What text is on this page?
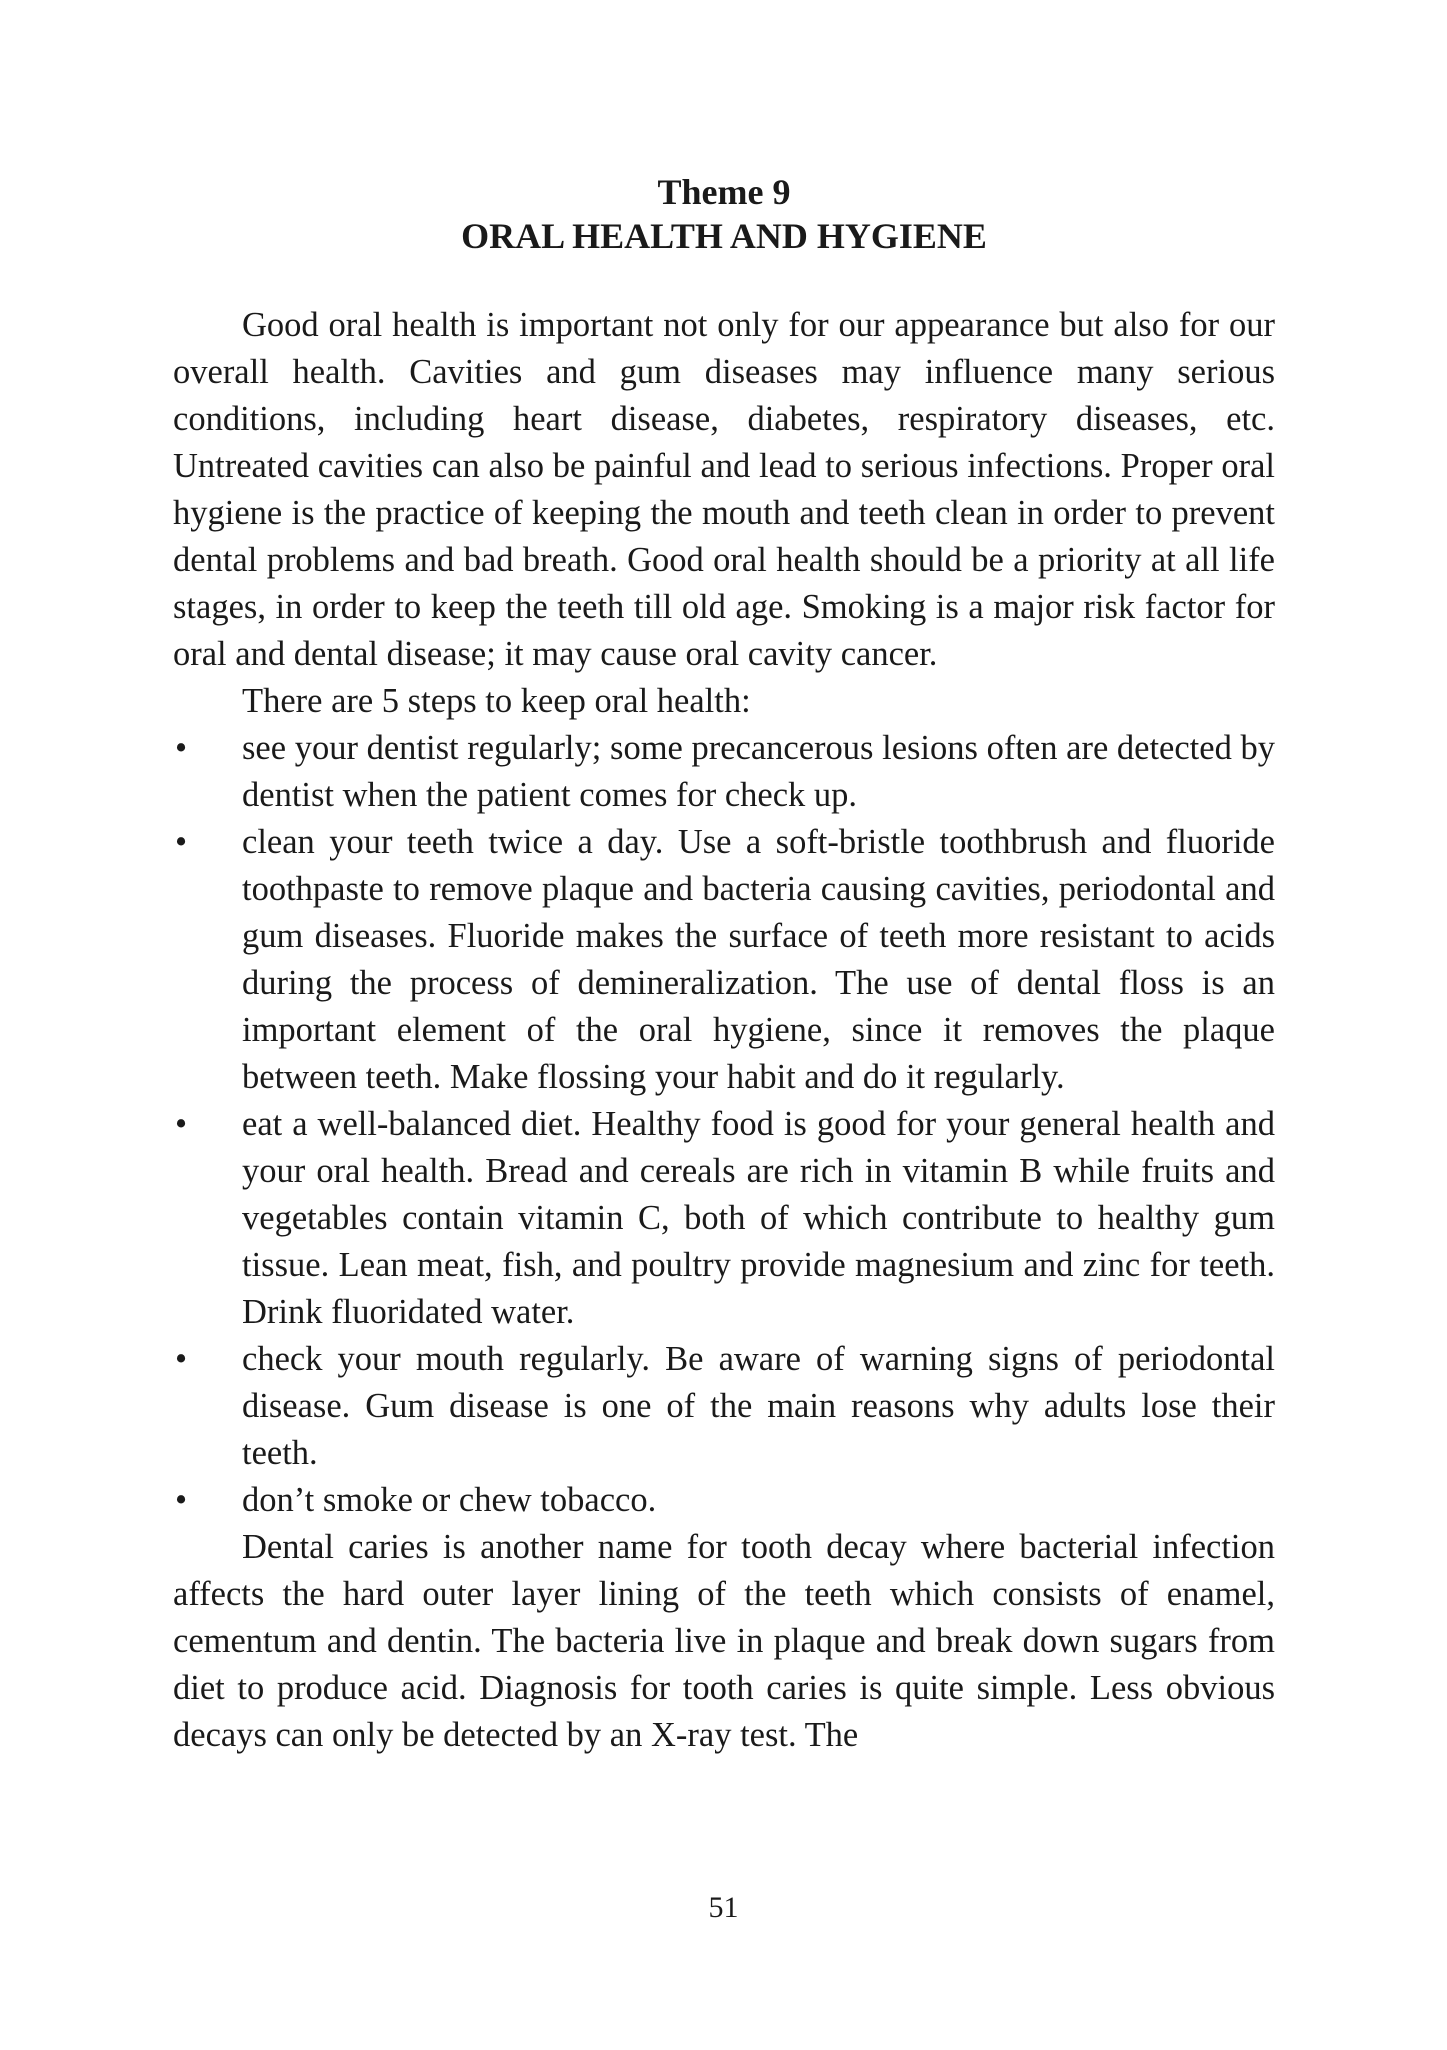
Theme 9
ORAL HEALTH AND HYGIENE

Good oral health is important not only for our appearance but also for our overall health. Cavities and gum diseases may influence many serious conditions, including heart disease, diabetes, respiratory diseases, etc. Untreated cavities can also be painful and lead to serious infections. Proper oral hygiene is the practice of keeping the mouth and teeth clean in order to prevent dental problems and bad breath. Good oral health should be a priority at all life stages, in order to keep the teeth till old age. Smoking is a major risk factor for oral and dental disease; it may cause oral cavity cancer.

There are 5 steps to keep oral health:

• see your dentist regularly; some precancerous lesions often are detected by dentist when the patient comes for check up.
• clean your teeth twice a day. Use a soft-bristle toothbrush and fluoride toothpaste to remove plaque and bacteria causing cavities, periodontal and gum diseases. Fluoride makes the surface of teeth more resistant to acids during the process of demineralization. The use of dental floss is an important element of the oral hygiene, since it removes the plaque between teeth. Make flossing your habit and do it regularly.
• eat a well-balanced diet. Healthy food is good for your general health and your oral health. Bread and cereals are rich in vitamin B while fruits and vegetables contain vitamin C, both of which contribute to healthy gum tissue. Lean meat, fish, and poultry provide magnesium and zinc for teeth. Drink fluoridated water.
• check your mouth regularly. Be aware of warning signs of periodontal disease. Gum disease is one of the main reasons why adults lose their teeth.
• don’t smoke or chew tobacco.

Dental caries is another name for tooth decay where bacterial infection affects the hard outer layer lining of the teeth which consists of enamel, cementum and dentin. The bacteria live in plaque and break down sugars from diet to produce acid. Diagnosis for tooth caries is quite simple. Less obvious decays can only be detected by an X-ray test. The

51
